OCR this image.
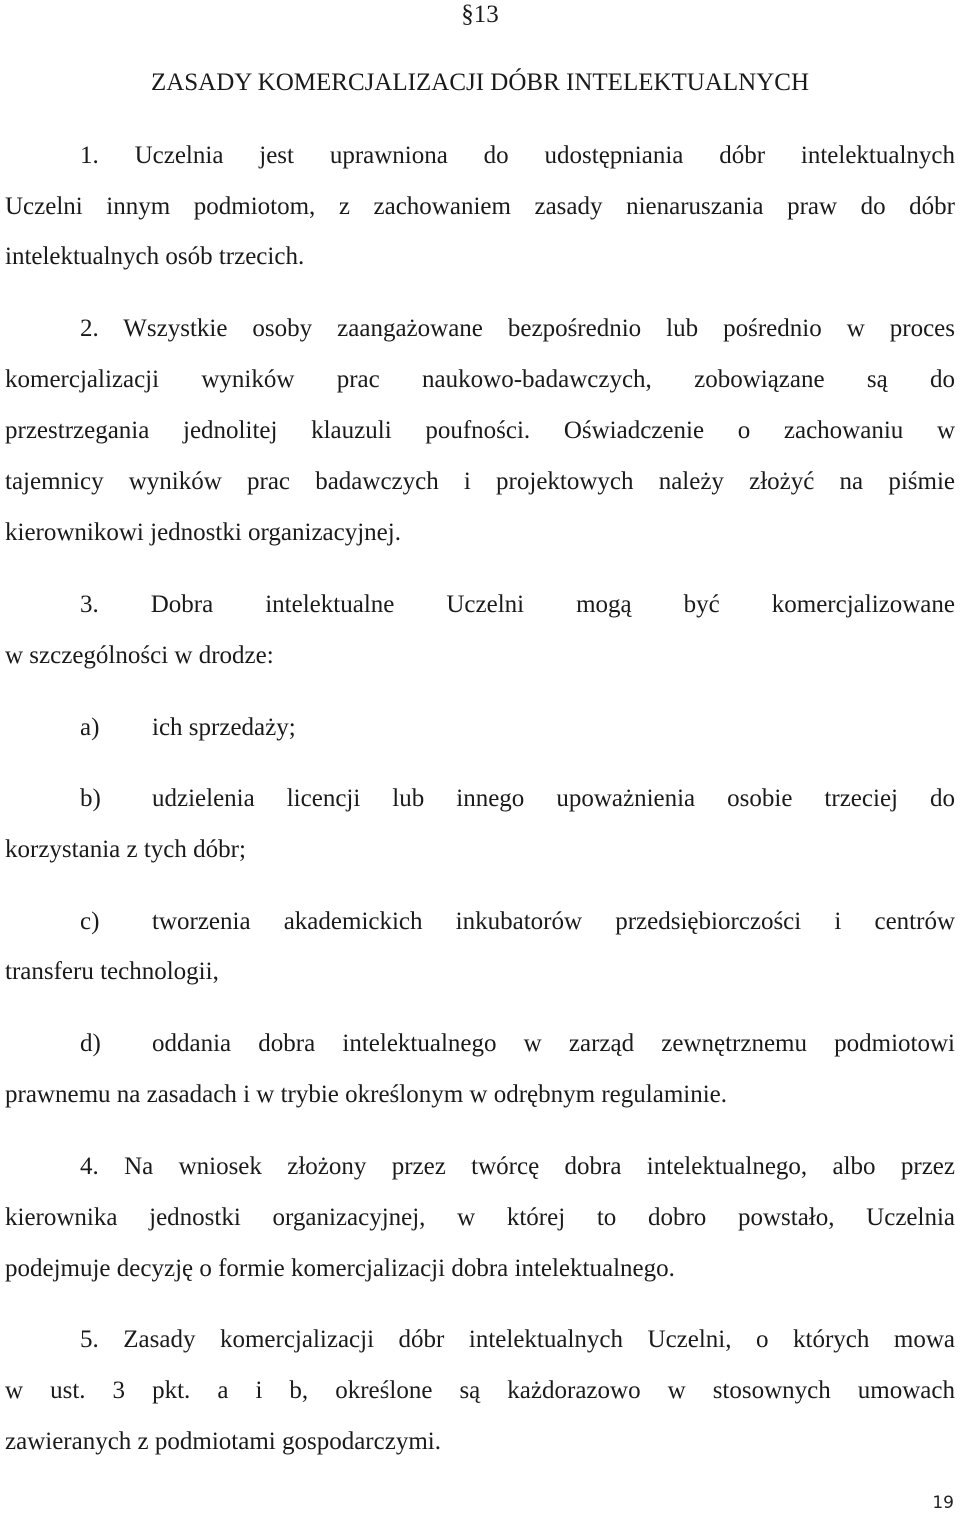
§13
ZASADY KOMERCJALIZACJI DÓBR INTELEKTUALNYCH
1. Uczelnia jest uprawniona do udostępniania dóbr intelektualnych
Uczelni innym podmiotom, z zachowaniem zasady nienaruszania praw do dóbr
intelektualnych osób trzecich.
2. Wszystkie osoby zaangażowane bezpośrednio lub pośrednio w proces
komercjalizacji wyników prac naukowo-badawczych, zobowiązane są do
przestrzegania jednolitej klauzuli poufności. Oświadczenie o zachowaniu w
tajemnicy wyników prac badawczych i projektowych należy złożyć na piśmie
kierownikowi jednostki organizacyjnej.
3. Dobra intelektualne Uczelni mogą być komercjalizowane
w szczególności w drodze:
a) ich sprzedaży;
b) udzielenia licencji lub innego upoważnienia osobie trzeciej do
korzystania z tych dóbr;
c) tworzenia akademickich inkubatorów przedsiębiorczości i centrów
transferu technologii,
d) oddania dobra intelektualnego w zarząd zewnętrznemu podmiotowi
prawnemu na zasadach i w trybie określonym w odrębnym regulaminie.
4. Na wniosek złożony przez twórcę dobra intelektualnego, albo przez
kierownika jednostki organizacyjnej, w której to dobro powstało, Uczelnia
podejmuje decyzję o formie komercjalizacji dobra intelektualnego.
5. Zasady komercjalizacji dóbr intelektualnych Uczelni, o których mowa
w ust. 3 pkt. a i b, określone są każdorazowo w stosownych umowach
zawieranych z podmiotami gospodarczymi.
19
